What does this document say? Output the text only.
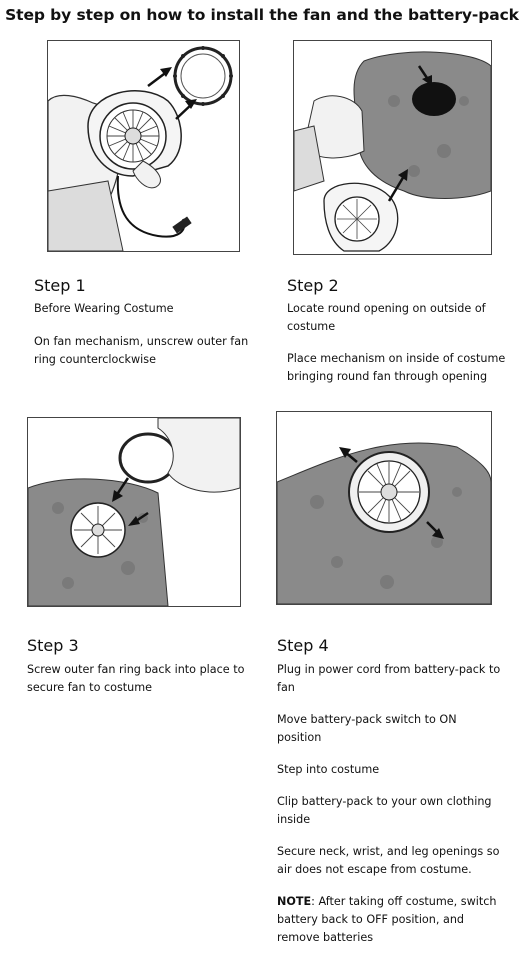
Step by step on how to install the fan and the battery-pack
Step 1

Before Wearing Costume

On fan mechanism, unscrew outer fan ring counterclockwise

Step 2

Locate round opening on outside of costume

Place mechanism on inside of costume bringing round fan through opening

Step 3

Screw outer fan ring back into place to secure fan to costume

Step 4

Plug in power cord from battery-pack to fan

Move battery-pack switch to ON position

Step into costume

Clip battery-pack to your own clothing inside

Secure neck, wrist, and leg openings so air does not escape from costume.

NOTE: After taking off costume, switch battery back to OFF position, and remove batteries
